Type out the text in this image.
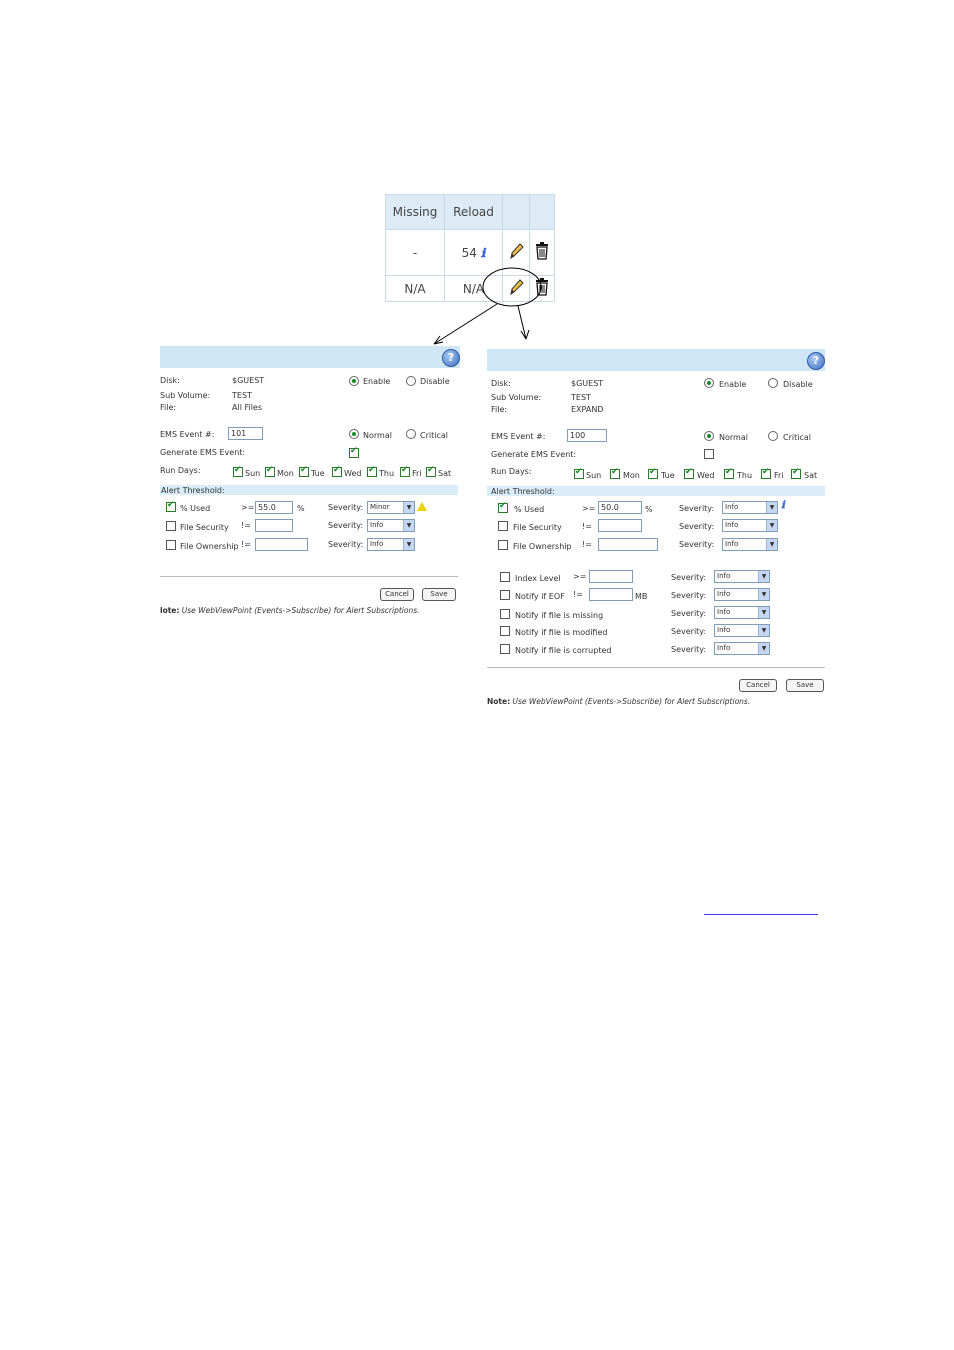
Missing	Reload		
-	54 ℹ		
N/A	N/A		
?
Disk:	$GUEST
Sub Volume:	TEST
File:	All Files
Enable	Disable
EMS Event #:	101	Normal	Critical
Generate EMS Event:
✔
Run Days: ✔	Sun ✔ Mon ✔ Tue ✔ Wed ✔ Thu ✔ Fri ✔ Sat
Alert Threshold:
✔
% Used	>= 55.0	%	Severity: Minor	▼
File Security !=	Severity: Info	▼
File Ownership !=	Severity: Info	▼
Cancel	Save
lote: Use WebViewPoint (Events->Subscribe) for Alert Subscriptions.
?
Disk:	$GUEST
Sub Volume:	TEST
File:	EXPAND
Enable	Disable
EMS Event #:	100	Normal	Critical
Generate EMS Event:
Run Days: ✔	Sun ✔	Mon ✔	Tue ✔	Wed ✔	Thu ✔	Fri ✔	Sat
Alert Threshold:
✔
% Used	>= 50.0	%	Severity:	Info	▼ ℹ
File Security	!=	Severity:	Info	▼
File Ownership !=	Severity:	Info	▼
Index Level >=	Severity:	Info	▼
Notify if EOF !=	MB	Severity:	Info	▼
Notify if file is missing	Severity:	Info	▼
Notify if file is modified	Severity:	Info	▼
Notify if file is corrupted	Severity:	Info	▼
Cancel	Save
Note: Use WebViewPoint (Events->Subscribe) for Alert Subscriptions.
